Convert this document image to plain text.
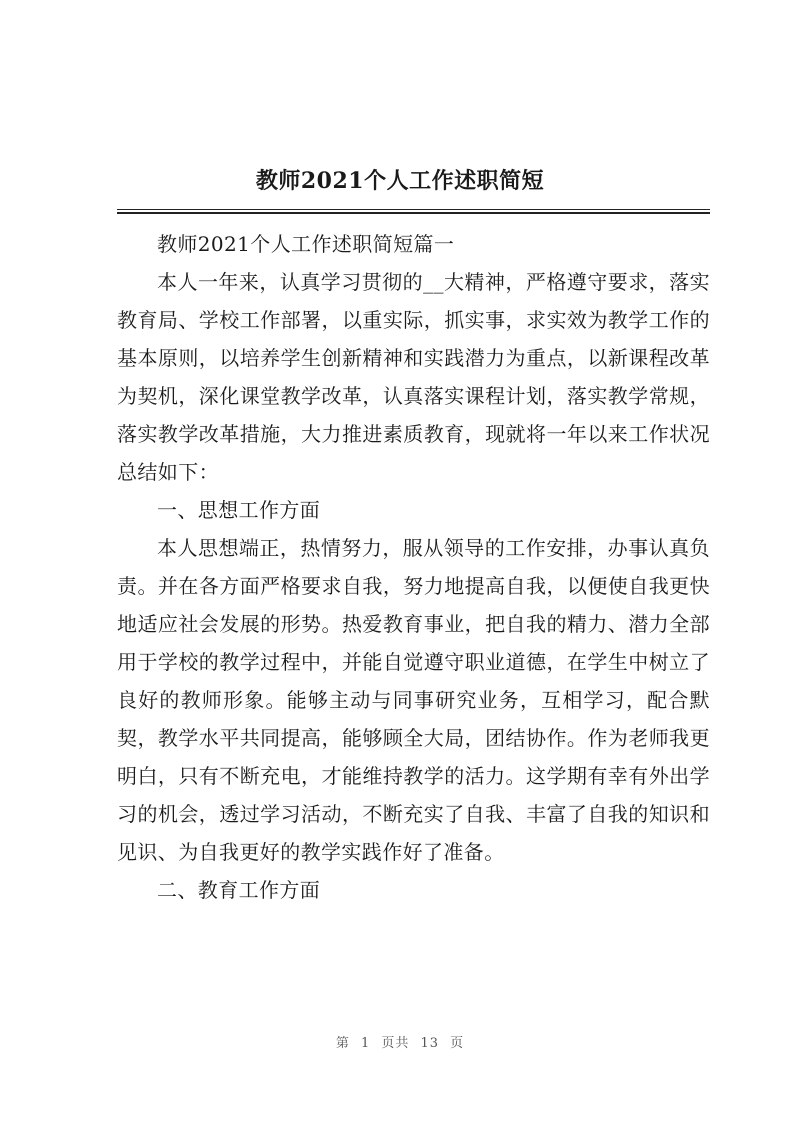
教师2021个人工作述职简短

教师2021个人工作述职简短篇一

本人一年来，认真学习贯彻的__大精神，严格遵守要求，落实教育局、学校工作部署，以重实际，抓实事，求实效为教学工作的基本原则，以培养学生创新精神和实践潜力为重点，以新课程改革为契机，深化课堂教学改革，认真落实课程计划，落实教学常规，落实教学改革措施，大力推进素质教育，现就将一年以来工作状况总结如下：

一、思想工作方面

本人思想端正，热情努力，服从领导的工作安排，办事认真负责。并在各方面严格要求自我，努力地提高自我，以便使自我更快地适应社会发展的形势。热爱教育事业，把自我的精力、潜力全部用于学校的教学过程中，并能自觉遵守职业道德，在学生中树立了良好的教师形象。能够主动与同事研究业务，互相学习，配合默契，教学水平共同提高，能够顾全大局，团结协作。作为老师我更明白，只有不断充电，才能维持教学的活力。这学期有幸有外出学习的机会，透过学习活动，不断充实了自我、丰富了自我的知识和见识、为自我更好的教学实践作好了准备。

二、教育工作方面

第 1 页共 13 页
